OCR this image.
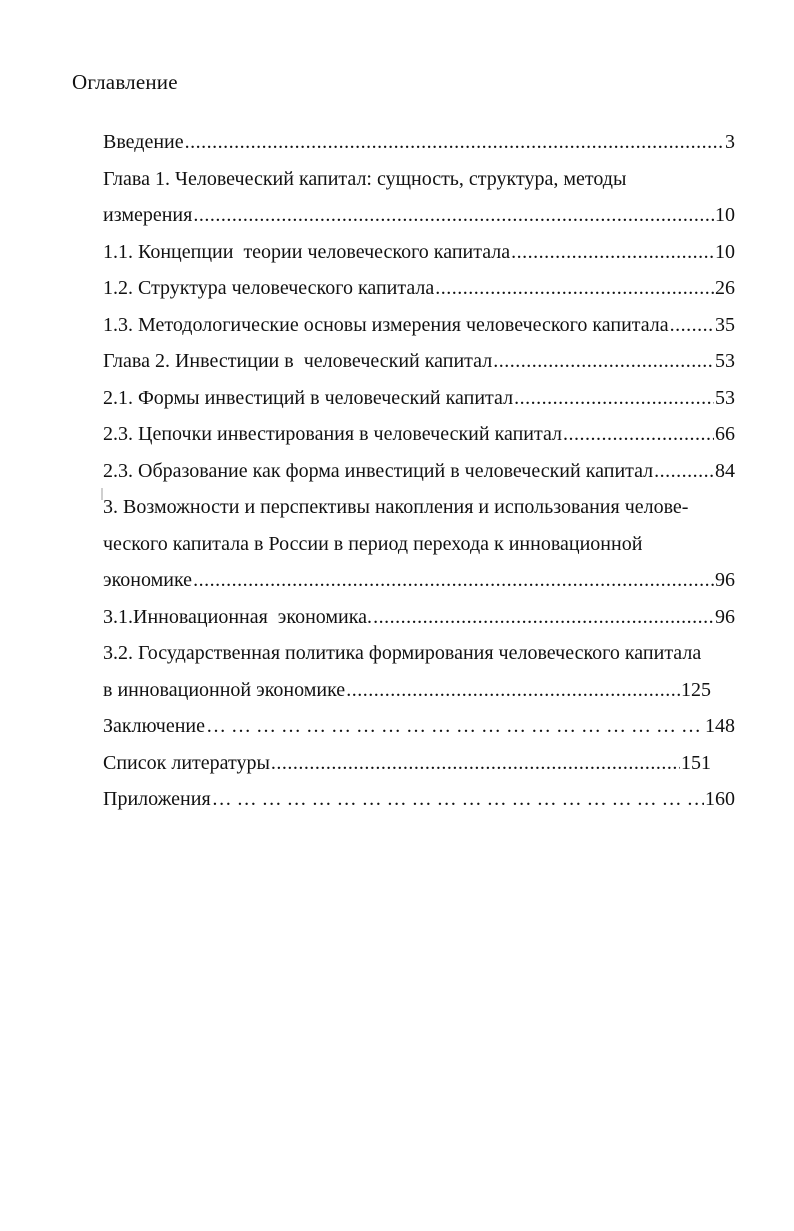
Оглавление
Введение .....	3
Глава 1. Человеческий капитал: сущность, структура, методы
измерения .....	10
1.1. Концепции  теории человеческого капитала .....	10
1.2. Структура человеческого капитала .....	26
1.3. Методологические основы измерения человеческого капитала ..... 35
Глава 2. Инвестиции в  человеческий капитал .....	53
2.1. Формы инвестиций в человеческий капитал .....	53
2.3. Цепочки инвестирования в человеческий капитал .....	66
2.3. Образование как форма инвестиций в человеческий капитал .....	84
3. Возможности и перспективы накопления и использования челове-
ческого капитала в России в период перехода к инновационной
экономике .....	96
3.1.Инновационная  экономика. .....	96
3.2. Государственная политика формирования человеческого капитала
в инновационной экономике .....	125
Заключение … … … … … … … … … … … … … … … … … … … … … … … … … … … … … … … … … … … … … … … … … … … … … … … … … … … … … …	148
Список литературы .....	151
Приложения … … … … … … … … … … … … … … … … … … … … … … … … … … … … … … … … … … … … … … … … … … … … … … … … … … … … … …	160
